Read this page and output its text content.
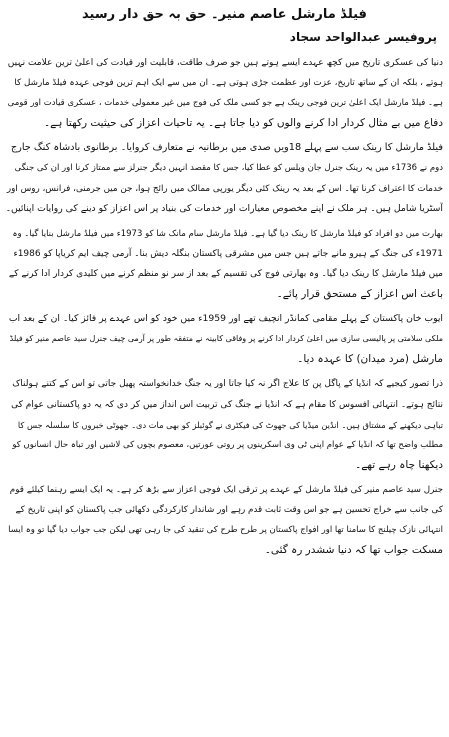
فیلڈ مارشل عاصم منیر۔ حق بہ حق دار رسید
پروفیسر عبدالواحد سجاد
دنیا کی عسکری تاریخ میں کچھ عہدے ایسے ہوتے ہیں جو صرف طاقت، قابلیت اور قیادت کی اعلیٰ ترین علامت نہیں
ہوتے ، بلکہ ان کے ساتھ تاریخ، عزت اور عظمت جڑی ہوتی ہے۔ ان میں سے ایک اہم ترین فوجی عہدہ فیلڈ مارشل کا
ہے۔ فیلڈ مارشل ایک اعلیٰ ترین فوجی رینک ہے جو کسی ملک کی فوج میں غیر معمولی خدمات ، عسکری قیادت اور قومی
دفاع میں بے مثال کردار ادا کرنے والوں کو دیا جاتا ہے۔ یہ تاحیات اعزاز کی حیثیت رکھتا ہے۔
فیلڈ مارشل کا رینک سب سے پہلے 18ویں صدی میں برطانیہ نے متعارف کروایا۔ برطانوی بادشاہ کنگ جارج
دوم نے 1736ء میں یہ رینک جنرل جان ویلس کو عطا کیا، جس کا مقصد انہیں دیگر جنرلز سے ممتاز کرنا اور ان کی جنگی
خدمات کا اعتراف کرنا تھا۔ اس کے بعد یہ رینک کئی دیگر یورپی ممالک میں رائج ہوا، جن میں جرمنی، فرانس، روس اور
آسٹریا شامل ہیں۔ ہر ملک نے اپنے مخصوص معیارات اور خدمات کی بنیاد پر اس اعزاز کو دینے کی روایات اپنائیں۔
بھارت میں دو افراد کو فیلڈ مارشل کا رینک دیا گیا ہے۔ فیلڈ مارشل سام مانک شا کو 1973ء میں فیلڈ مارشل بنایا گیا۔ وہ
1971ء کی جنگ کے ہیرو مانے جاتے ہیں جس میں مشرقی پاکستان بنگلہ دیش بنا۔ آرمی چیف ایم کریاپا کو 1986ء
میں فیلڈ مارشل کا رینک دیا گیا۔ وہ بھارتی فوج کی تقسیم کے بعد از سر نو منظم کرنے میں کلیدی کردار ادا کرنے کے
باعث اس اعزاز کے مستحق قرار پائے۔
ایوب خان پاکستان کے پہلے مقامی کمانڈر انچیف تھے اور 1959ء میں خود کو اس عہدے پر فائز کیا۔ ان کے بعد اب
ملکی سلامتی پر پالیسی سازی میں اعلیٰ کردار ادا کرنے پر وفاقی کابینہ نے متفقہ طور پر آرمی چیف جنرل سید عاصم منیر کو فیلڈ
مارشل (مرد میدان) کا عہدہ دیا۔
ذرا تصور کیجیے کہ انڈیا کے پاگل پن کا علاج اگر نہ کیا جاتا اور یہ جنگ خدانخواستہ پھیل جاتی تو اس کے کتنے ہولناک
نتائج ہوتے۔ انتہائی افسوس کا مقام ہے کہ انڈیا نے جنگ کی تربیت اس انداز میں کر دی کہ یہ دو پاکستانی عوام کی
تباہی دیکھنے کے مشتاق ہیں۔ انڈین میڈیا کی جھوٹ کی فیکٹری نے گوئبلز کو بھی مات دی۔ جھوٹی خبروں کا سلسلہ جس کا
مطلب واضح تھا کہ انڈیا کے عوام اپنی ٹی وی اسکرینوں پر روتی عورتیں، معصوم بچوں کی لاشیں اور تباہ حال انسانوں کو
دیکھنا چاہ رہے تھے۔
جنرل سید عاصم منیر کی فیلڈ مارشل کے عہدے پر ترقی ایک فوجی اعزاز سے بڑھ کر ہے۔ یہ ایک ایسے رہنما کیلئے قوم
کی جانب سے خراج تحسین ہے جو اس وقت ثابت قدم رہے اور شاندار کارکردگی دکھائی جب پاکستان کو اپنی تاریخ کے
انتہائی نازک چیلنج کا سامنا تھا اور افواج پاکستان پر طرح طرح کی تنقید کی جا رہی تھی لیکن جب جواب دیا گیا تو وہ ایسا
مسکت جواب تھا کہ دنیا ششدر رہ گئی۔
